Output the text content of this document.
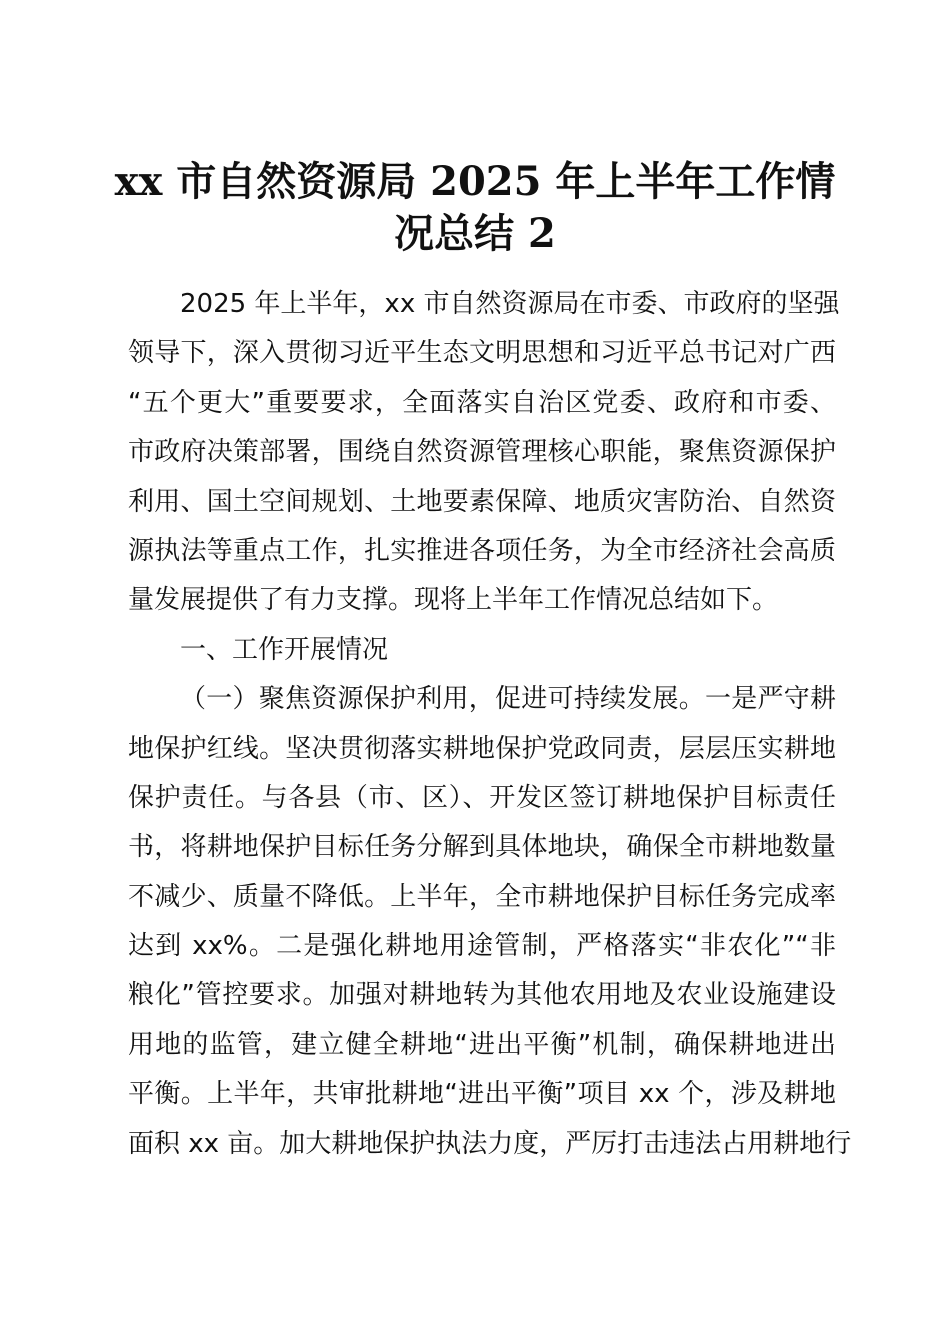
xx 市自然资源局 2025 年上半年工作情
况总结 2
2025 年上半年，xx 市自然资源局在市委、市政府的坚强
领导下，深入贯彻习近平生态文明思想和习近平总书记对广西
“五个更大”重要要求，全面落实自治区党委、政府和市委、
市政府决策部署，围绕自然资源管理核心职能，聚焦资源保护
利用、国土空间规划、土地要素保障、地质灾害防治、自然资
源执法等重点工作，扎实推进各项任务，为全市经济社会高质
量发展提供了有力支撑。现将上半年工作情况总结如下。
一、工作开展情况
（一）聚焦资源保护利用，促进可持续发展。一是严守耕
地保护红线。坚决贯彻落实耕地保护党政同责，层层压实耕地
保护责任。与各县（市、区）、开发区签订耕地保护目标责任
书，将耕地保护目标任务分解到具体地块，确保全市耕地数量
不减少、质量不降低。上半年，全市耕地保护目标任务完成率
达到 xx%。二是强化耕地用途管制，严格落实“非农化”“非
粮化”管控要求。加强对耕地转为其他农用地及农业设施建设
用地的监管，建立健全耕地“进出平衡”机制，确保耕地进出
平衡。上半年，共审批耕地“进出平衡”项目 xx 个，涉及耕地
面积 xx 亩。加大耕地保护执法力度，严厉打击违法占用耕地行
